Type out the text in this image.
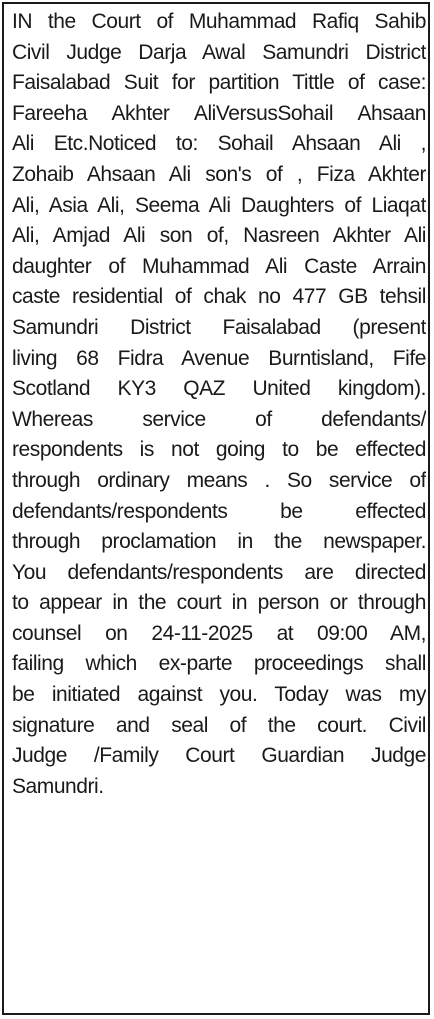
IN the Court of Muhammad Rafiq Sahib
Civil Judge Darja Awal Samundri District
Faisalabad Suit for partition Tittle of case:
Fareeha Akhter AliVersusSohail Ahsaan
Ali Etc.Noticed to: Sohail Ahsaan Ali ,
Zohaib Ahsaan Ali son's of , Fiza Akhter
Ali, Asia Ali, Seema Ali Daughters of Liaqat
Ali, Amjad Ali son of, Nasreen Akhter Ali
daughter of Muhammad Ali Caste Arrain
caste residential of chak no 477 GB tehsil
Samundri District Faisalabad (present
living 68 Fidra Avenue Burntisland, Fife
Scotland KY3 QAZ United kingdom).
Whereas service of defendants/
respondents is not going to be effected
through ordinary means . So service of
defendants/respondents be effected
through proclamation in the newspaper.
You defendants/respondents are directed
to appear in the court in person or through
counsel on 24-11-2025 at 09:00 AM,
failing which ex-parte proceedings shall
be initiated against you. Today was my
signature and seal of the court. Civil
Judge /Family Court Guardian Judge
Samundri.
